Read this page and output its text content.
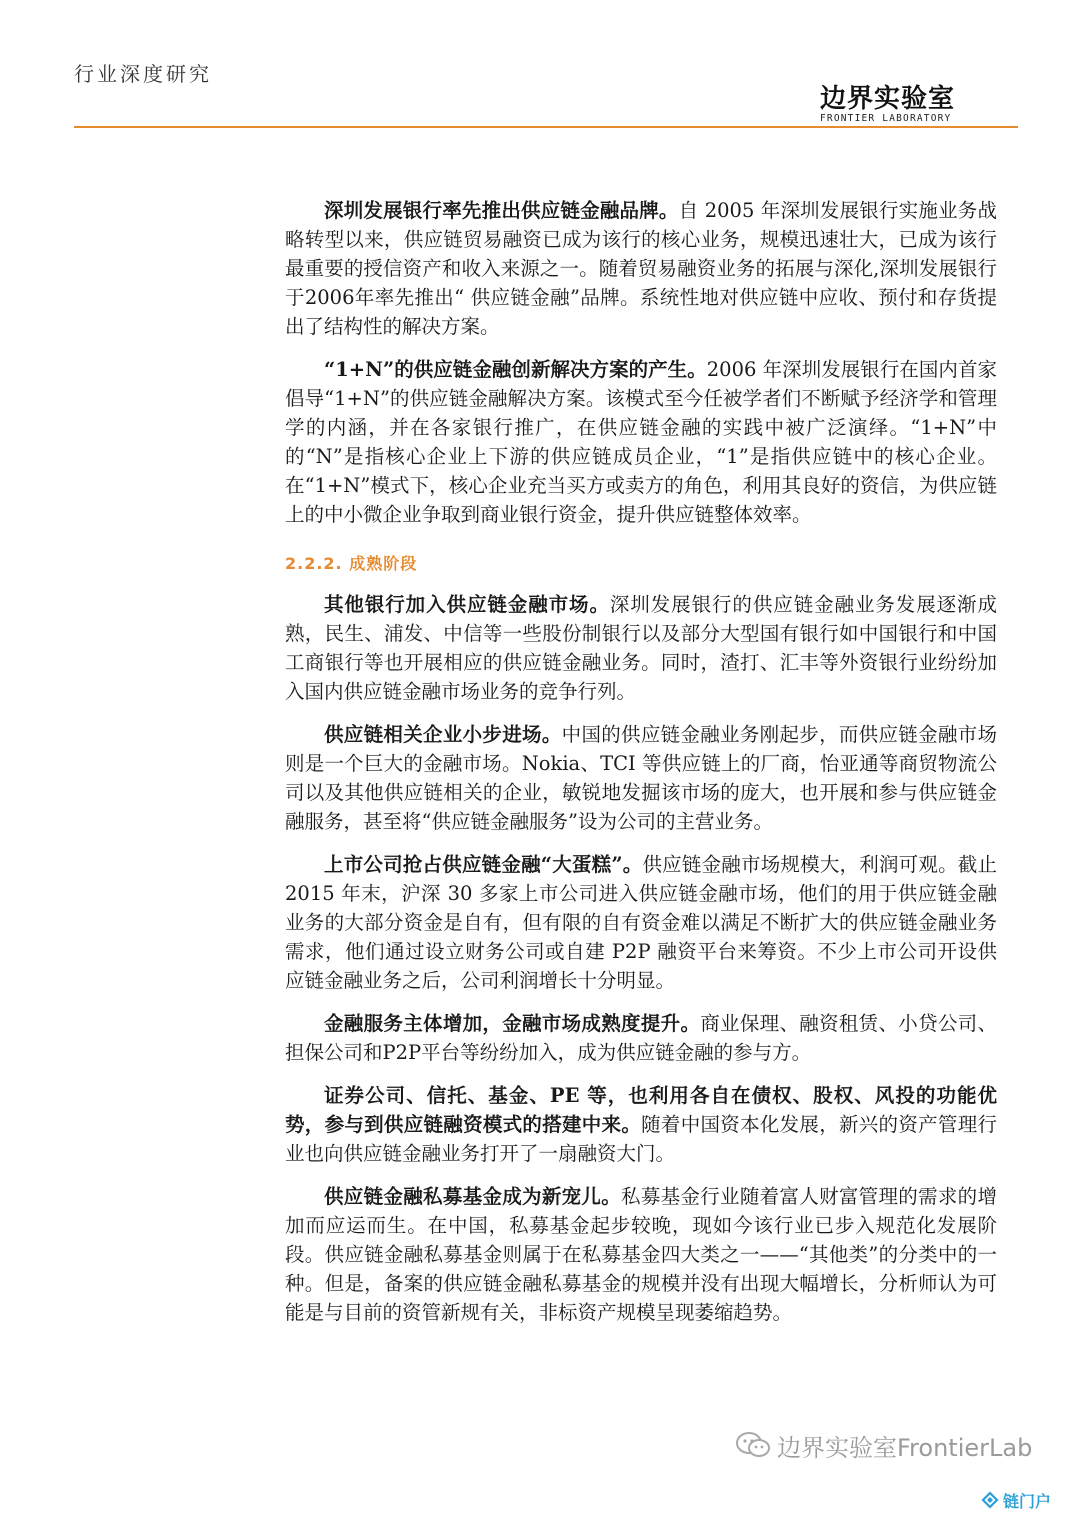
行业深度研究
边界实验室
FRONTIER LABORATORY

深圳发展银行率先推出供应链金融品牌。自 2005 年深圳发展银行实施业务战略转型以来，供应链贸易融资已成为该行的核心业务，规模迅速壮大，已成为该行最重要的授信资产和收入来源之一。随着贸易融资业务的拓展与深化,深圳发展银行于2006年率先推出“ 供应链金融”品牌。系统性地对供应链中应收、预付和存货提出了结构性的解决方案。

“1+N”的供应链金融创新解决方案的产生。2006 年深圳发展银行在国内首家倡导“1+N”的供应链金融解决方案。该模式至今任被学者们不断赋予经济学和管理学的内涵，并在各家银行推广，在供应链金融的实践中被广泛演绎。“1+N”中的“N”是指核心企业上下游的供应链成员企业，“1”是指供应链中的核心企业。在“1+N”模式下，核心企业充当买方或卖方的角色，利用其良好的资信，为供应链上的中小微企业争取到商业银行资金，提升供应链整体效率。

2.2.2. 成熟阶段

其他银行加入供应链金融市场。深圳发展银行的供应链金融业务发展逐渐成熟，民生、浦发、中信等一些股份制银行以及部分大型国有银行如中国银行和中国工商银行等也开展相应的供应链金融业务。同时，渣打、汇丰等外资银行业纷纷加入国内供应链金融市场业务的竞争行列。

供应链相关企业小步进场。中国的供应链金融业务刚起步，而供应链金融市场则是一个巨大的金融市场。Nokia、TCI 等供应链上的厂商，怡亚通等商贸物流公司以及其他供应链相关的企业，敏锐地发掘该市场的庞大，也开展和参与供应链金融服务，甚至将“供应链金融服务”设为公司的主营业务。

上市公司抢占供应链金融“大蛋糕”。供应链金融市场规模大，利润可观。截止 2015 年末，沪深 30 多家上市公司进入供应链金融市场，他们的用于供应链金融业务的大部分资金是自有，但有限的自有资金难以满足不断扩大的供应链金融业务需求，他们通过设立财务公司或自建 P2P 融资平台来筹资。不少上市公司开设供应链金融业务之后，公司利润增长十分明显。

金融服务主体增加，金融市场成熟度提升。商业保理、融资租赁、小贷公司、担保公司和P2P平台等纷纷加入，成为供应链金融的参与方。

证券公司、信托、基金、PE 等，也利用各自在债权、股权、风投的功能优势，参与到供应链融资模式的搭建中来。随着中国资本化发展，新兴的资产管理行业也向供应链金融业务打开了一扇融资大门。

供应链金融私募基金成为新宠儿。私募基金行业随着富人财富管理的需求的增加而应运而生。在中国，私募基金起步较晚，现如今该行业已步入规范化发展阶段。供应链金融私募基金则属于在私募基金四大类之一——“其他类”的分类中的一种。但是，备案的供应链金融私募基金的规模并没有出现大幅增长，分析师认为可能是与目前的资管新规有关，非标资产规模呈现萎缩趋势。

边界实验室FrontierLab
链门户
